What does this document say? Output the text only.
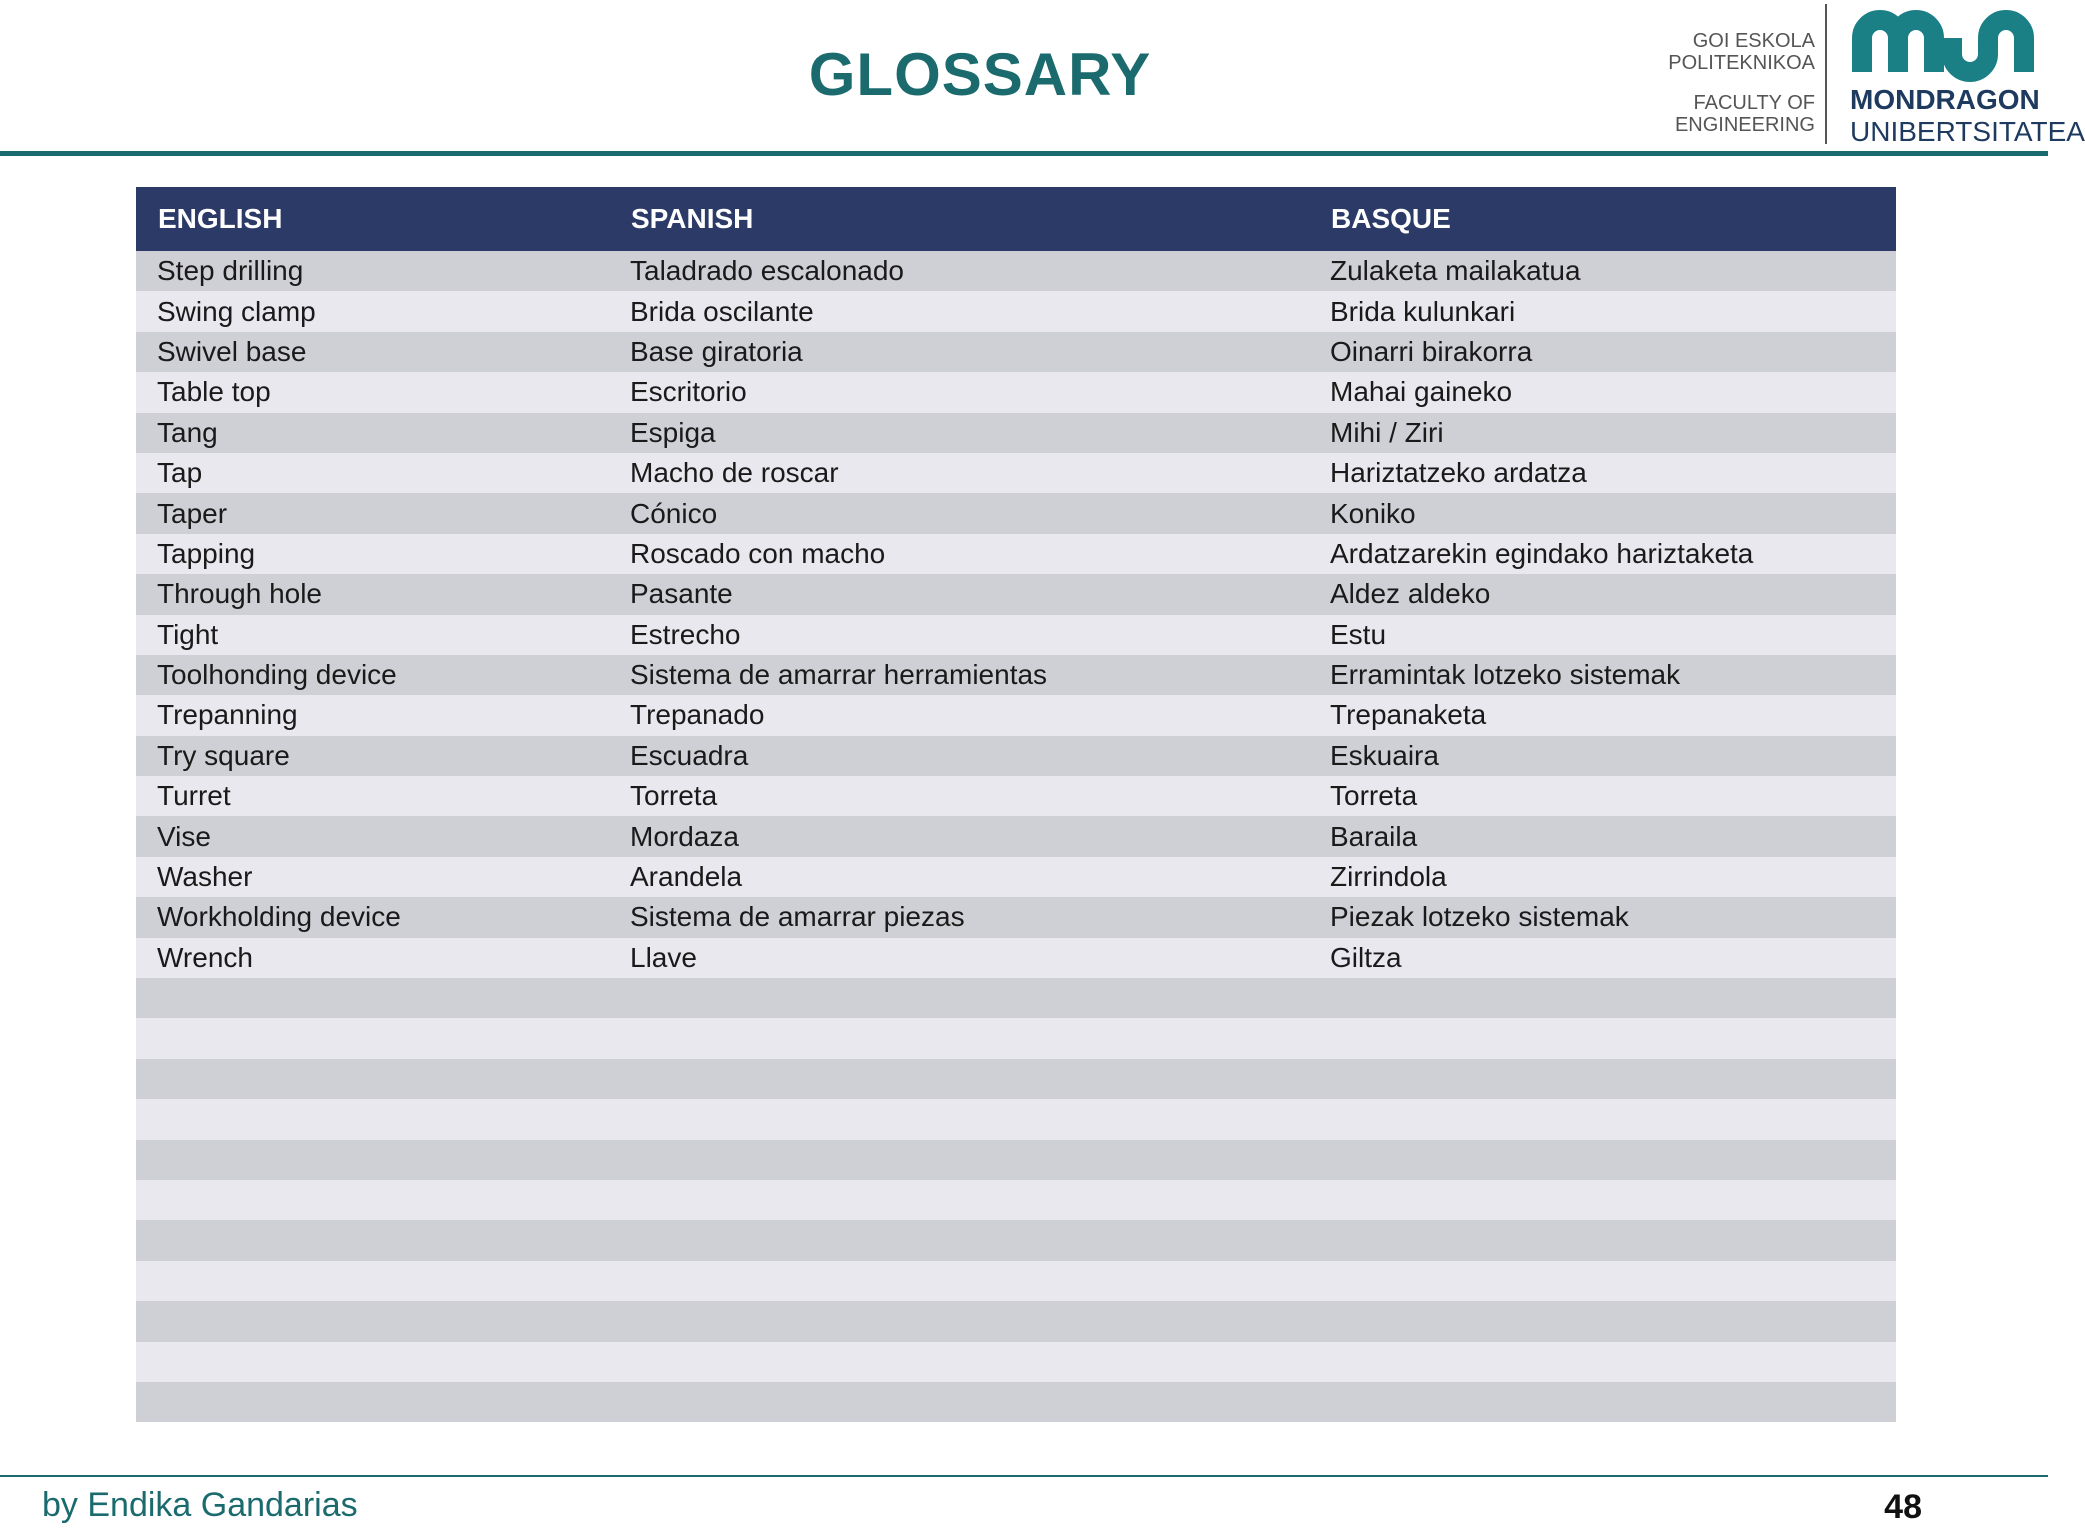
GLOSSARY	GOI ESKOLA
POLITEKNIKOA
FACULTY OF
ENGINEERING
MONDRAGON
UNIBERTSITATEA
ENGLISH	SPANISH	BASQUE
Step drilling	Taladrado escalonado	Zulaketa mailakatua
Swing clamp	Brida oscilante	Brida kulunkari
Swivel base	Base giratoria	Oinarri birakorra
Table top	Escritorio	Mahai gaineko
Tang	Espiga	Mihi / Ziri
Tap	Macho de roscar	Hariztatzeko ardatza
Taper	Cónico	Koniko
Tapping	Roscado con macho	Ardatzarekin egindako hariztaketa
Through hole	Pasante	Aldez aldeko
Tight	Estrecho	Estu
Toolhonding device	Sistema de amarrar herramientas	Erramintak lotzeko sistemak
Trepanning	Trepanado	Trepanaketa
Try square	Escuadra	Eskuaira
Turret	Torreta	Torreta
Vise	Mordaza	Baraila
Washer	Arandela	Zirrindola
Workholding device	Sistema de amarrar piezas	Piezak lotzeko sistemak
Wrench	Llave	Giltza

by Endika Gandarias	48
